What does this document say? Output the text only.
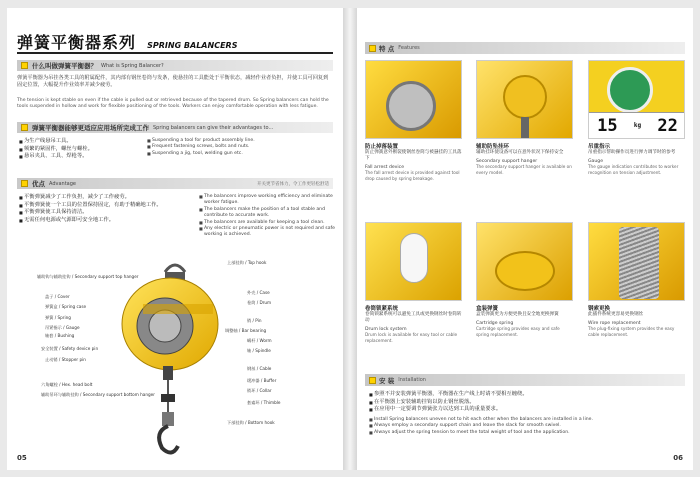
弹簧平衡器系列 SPRING BALANCERS
什么叫做弹簧平衡器？ What is Spring Balancer?

弹簧平衡器为吊挂各类工具的附属配件，其内部有钢丝卷筒与发条，使悬挂的工具能处于平衡状态，减轻作业者负担，并使工具可回复到固定位置，大幅提升作业效率并减少疲劳。

The tension is kept stable on even if the cable is pulled out or retrieved because of the tapered drum. So Spring balancers can hold the tools suspended in hollow and work for flexible positioning of the tools. Workers can enjoy comfortable operation with less fatigue.

弹簧平衡器能够更适应应用场所完成工作 Spring balancers can give their advantages to...
■ 为生产线悬吊工具。
■ 频繁的紧固件，螺丝与螺栓。
■ 悬吊夹具、工具、焊枪等。
■ Suspending a tool for product assembly line.
■ Frequent fastening screws, bolts and nuts.
■ Suspending a jig, tool, welding gun etc.
优点 Advantage	开关更节省体力，令工作更轻松舒适
■ 平衡弹簧减少了工作负担，减少了工作疲劳。
■ 平衡弹簧使一个工具的位置保持固定，有助于精确地工作。
■ 平衡弹簧使工具保持清洁。
■ 无需任何电源或气源即可安全地工作。
■ The balancers improve working efficiency and eliminate worker fatigue.
■ The balancers make the position of a tool stable and contribute to accurate work.
■ The balancers are available for keeping a tool clean.
■ Any electric or pneumatic power is not required and safe working is achieved.
辅助钩与辅助挂钩 / Secondary support top hanger
盖子 / Cover
弹簧盒 / Spring case
弹簧 / Spring
吊紧指示 / Gauge
轴套 / Bushing
安全装置 / Safety device pin
止动销 / Stopper pin
六角螺栓 / Hex. head bolt
辅助吊环与辅助挂钩 / Secondary support bottom hanger
上部挂钩 / Top hook
外壳 / Case
卷筒 / Drum
销 / Pin
调整轴 / Bar bearing
蜗杆 / Worm
轴 / Spindle
钢丝 / Cable
缓冲器 / Buffer
锁环 / Collar
套索环 / Thimble
下部挂钩 / Bottom hook
05
特 点 Features
防止掉落装置
防止弹簧意外断裂使钢丝卷筒与被悬挂的工具落下
Fall arrest device
The fall arrest device is provided against tool drop caused by spring breakage.
辅助防坠挂环
辅助挂环使设备可以在意外状况下保持安全
Secondary support hanger
The secondary support hanger is available on every model.
15	kg 22
吊重指示
吊重指示帮助操作员进行弹力调节时的参考
Gauge
The gauge indication contributes to worker recognition on tension adjustment.
卷筒锁紧系统
卷筒锁紧系统可以避免工具或更换钢丝时卷筒转动
Drum lock system
Drum lock is available for easy tool or cable replacement.
盒装弹簧
盒装弹簧更为方便更换且安全地更换弹簧
Cartridge spring
Cartridge spring provides easy and safe spring replacement.
钢索更换
此插件系统更容易更换钢丝
Wire rope replacement
The plug-fixing system provides the easy cable replacement.
安 装 Installation
■ 参照不并安装弹簧平衡器，平衡器在生产线上时请不要相互缠绕。
■ 在平衡器上安装辅助挂钩以防止钢丝脱落。
■ 在应用中一定要调节弹簧张力以达到工具的重量要求。
■ Install Spring balancers uneven not to hit each other when the balancers are installed in a line.
■ Always employ a secondary support chain and leave the slack for smooth swivel.
■ Always adjust the spring tension to meet the total weight of tool and the application.
06
